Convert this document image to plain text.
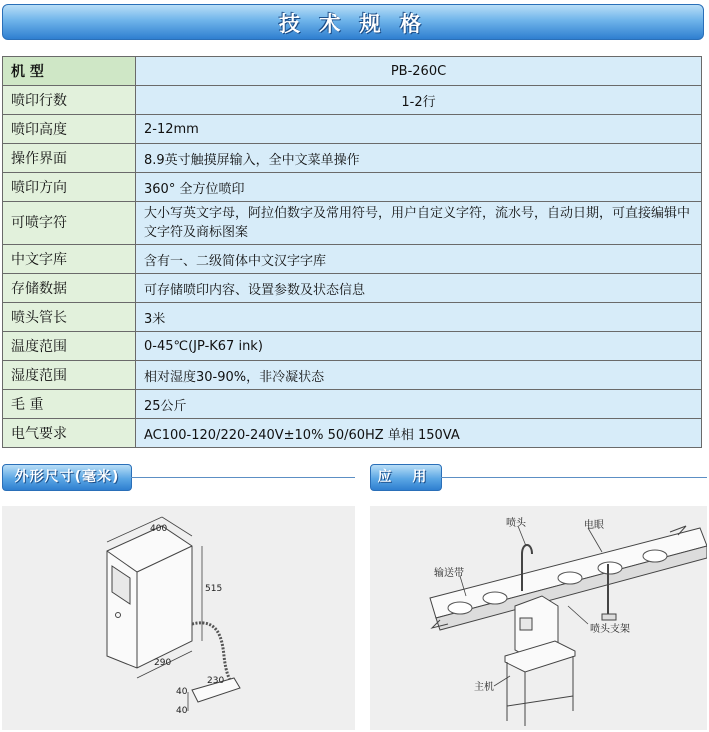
技 术 规 格
机 型	PB-260C
喷印行数	1-2行
喷印高度	2-12mm
操作界面	8.9英寸触摸屏输入，全中文菜单操作
喷印方向	360° 全方位喷印
可喷字符	大小写英文字母，阿拉伯数字及常用符号，用户自定义字符，流水号，自动日期，可直接编辑中文字符及商标图案
中文字库	含有一、二级简体中文汉字字库
存储数据	可存储喷印内容、设置参数及状态信息
喷头管长	3米
温度范围	0-45℃(JP-K67 ink)
湿度范围	相对湿度30-90%，非冷凝状态
毛 重	25公斤
电气要求	AC100-120/220-240V±10% 50/60HZ 单相 150VA
外形尺寸(毫米)
400
515
290
230
40
40
应 用
喷头	电眼
输送带
喷头支架
主机
